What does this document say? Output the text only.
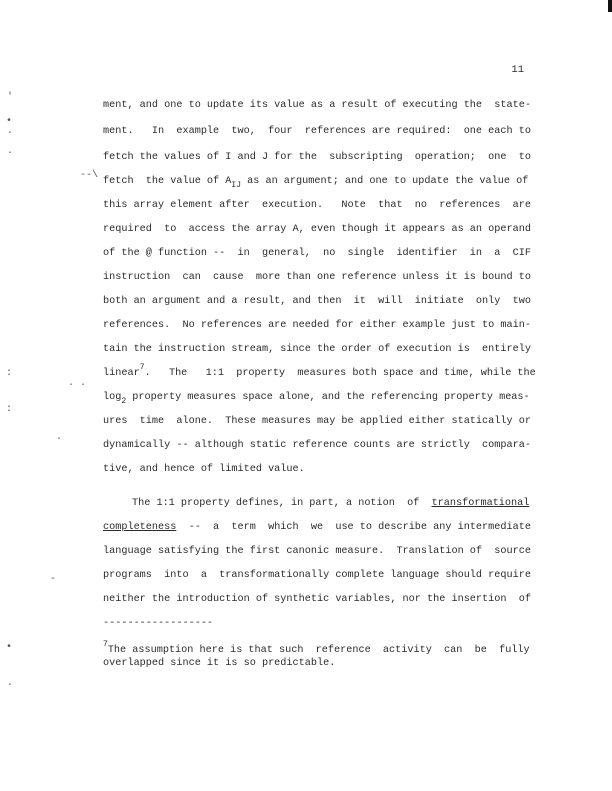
11
ment, and one to update its value as a result of executing the  state-
ment.   In  example  two,  four  references are required:  one each to
fetch the values of I and J for the  subscripting  operation;  one  to
fetch  the value of $A_{IJ}$ as an argument; and one to update the value of
this array element after  execution.   Note  that  no  references  are
required  to  access the array A, even though it appears as an operand
of the @ function --  in  general,  no  single  identifier  in  a  CIF
instruction  can  cause  more than one reference unless it is bound to
both an argument and a result, and then  it  will  initiate  only  two
references.  No references are needed for either example just to main-
tain the instruction stream, since the order of execution is  entirely
linear$^7$.   The   1:1  property  measures both space and time, while the
$\log_2$ property measures space alone, and the referencing property meas-
ures  time  alone.  These measures may be applied either statically or
dynamically -- although static reference counts are strictly  compara-
tive, and hence of limited value.
The 1:1 property defines, in part, a notion  of  transformational
completeness  --  a  term  which  we  use to describe any intermediate
language satisfying the first canonic measure.  Translation of  source
programs  into  a  transformationally complete language should require
neither the introduction of synthetic variables, nor the insertion  of
------------------
$^7$The assumption here is that such  reference  activity  can  be  fully
overlapped since it is so predictable.
'
•
·
·
--\
:
· ·
:
.
-
•
·
